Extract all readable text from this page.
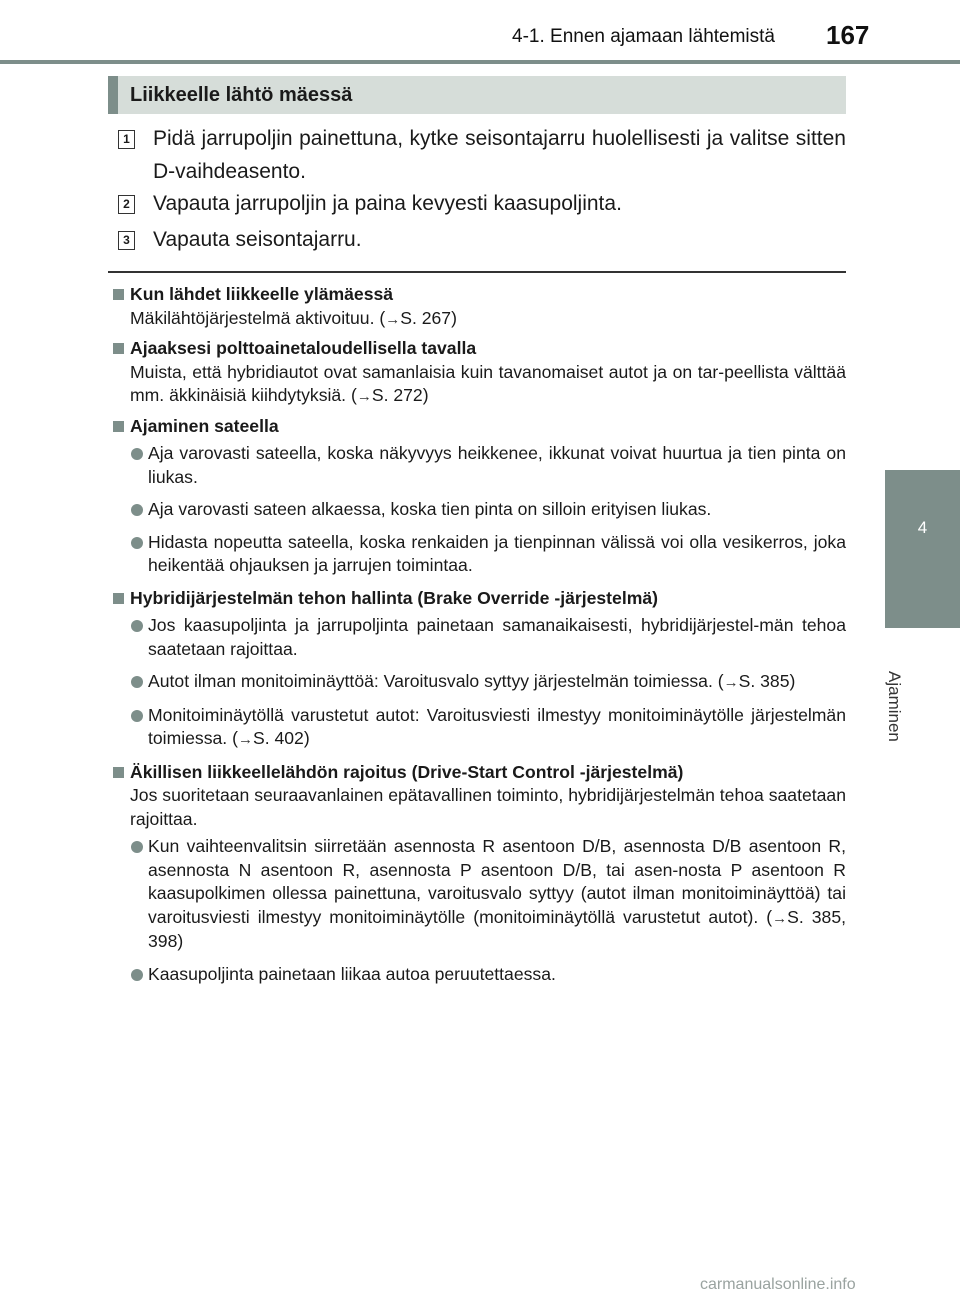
4-1. Ennen ajamaan lähtemistä 167
4
Ajaminen
Liikkeelle lähtö mäessä
1 Pidä jarrupoljin painettuna, kytke seisontajarru huolellisesti ja valitse sitten D-vaihdeasento.
2 Vapauta jarrupoljin ja paina kevyesti kaasupoljinta.
3 Vapauta seisontajarru.
Kun lähdet liikkeelle ylämäessä
Mäkilähtöjärjestelmä aktivoituu. (→S. 267)
Ajaaksesi polttoainetaloudellisella tavalla
Muista, että hybridiautot ovat samanlaisia kuin tavanomaiset autot ja on tar-peellista välttää mm. äkkinäisiä kiihdytyksiä. (→S. 272)
Ajaminen sateella
Aja varovasti sateella, koska näkyvyys heikkenee, ikkunat voivat huurtua ja tien pinta on liukas.
Aja varovasti sateen alkaessa, koska tien pinta on silloin erityisen liukas.
Hidasta nopeutta sateella, koska renkaiden ja tienpinnan välissä voi olla vesikerros, joka heikentää ohjauksen ja jarrujen toimintaa.
Hybridijärjestelmän tehon hallinta (Brake Override -järjestelmä)
Jos kaasupoljinta ja jarrupoljinta painetaan samanaikaisesti, hybridijärjestel-män tehoa saatetaan rajoittaa.
Autot ilman monitoiminäyttöä: Varoitusvalo syttyy järjestelmän toimiessa. (→S. 385)
Monitoiminäytöllä varustetut autot: Varoitusviesti ilmestyy monitoiminäytölle järjestelmän toimiessa. (→S. 402)
Äkillisen liikkeellelähdön rajoitus (Drive-Start Control -järjestelmä)
Jos suoritetaan seuraavanlainen epätavallinen toiminto, hybridijärjestelmän tehoa saatetaan rajoittaa.
Kun vaihteenvalitsin siirretään asennosta R asentoon D/B, asennosta D/B asentoon R, asennosta N asentoon R, asennosta P asentoon D/B, tai asen-nosta P asentoon R kaasupolkimen ollessa painettuna, varoitusvalo syttyy (autot ilman monitoiminäyttöä) tai varoitusviesti ilmestyy monitoiminäytölle (monitoiminäytöllä varustetut autot). (→S. 385, 398)
Kaasupoljinta painetaan liikaa autoa peruutettaessa.
carmanualsonline.info
